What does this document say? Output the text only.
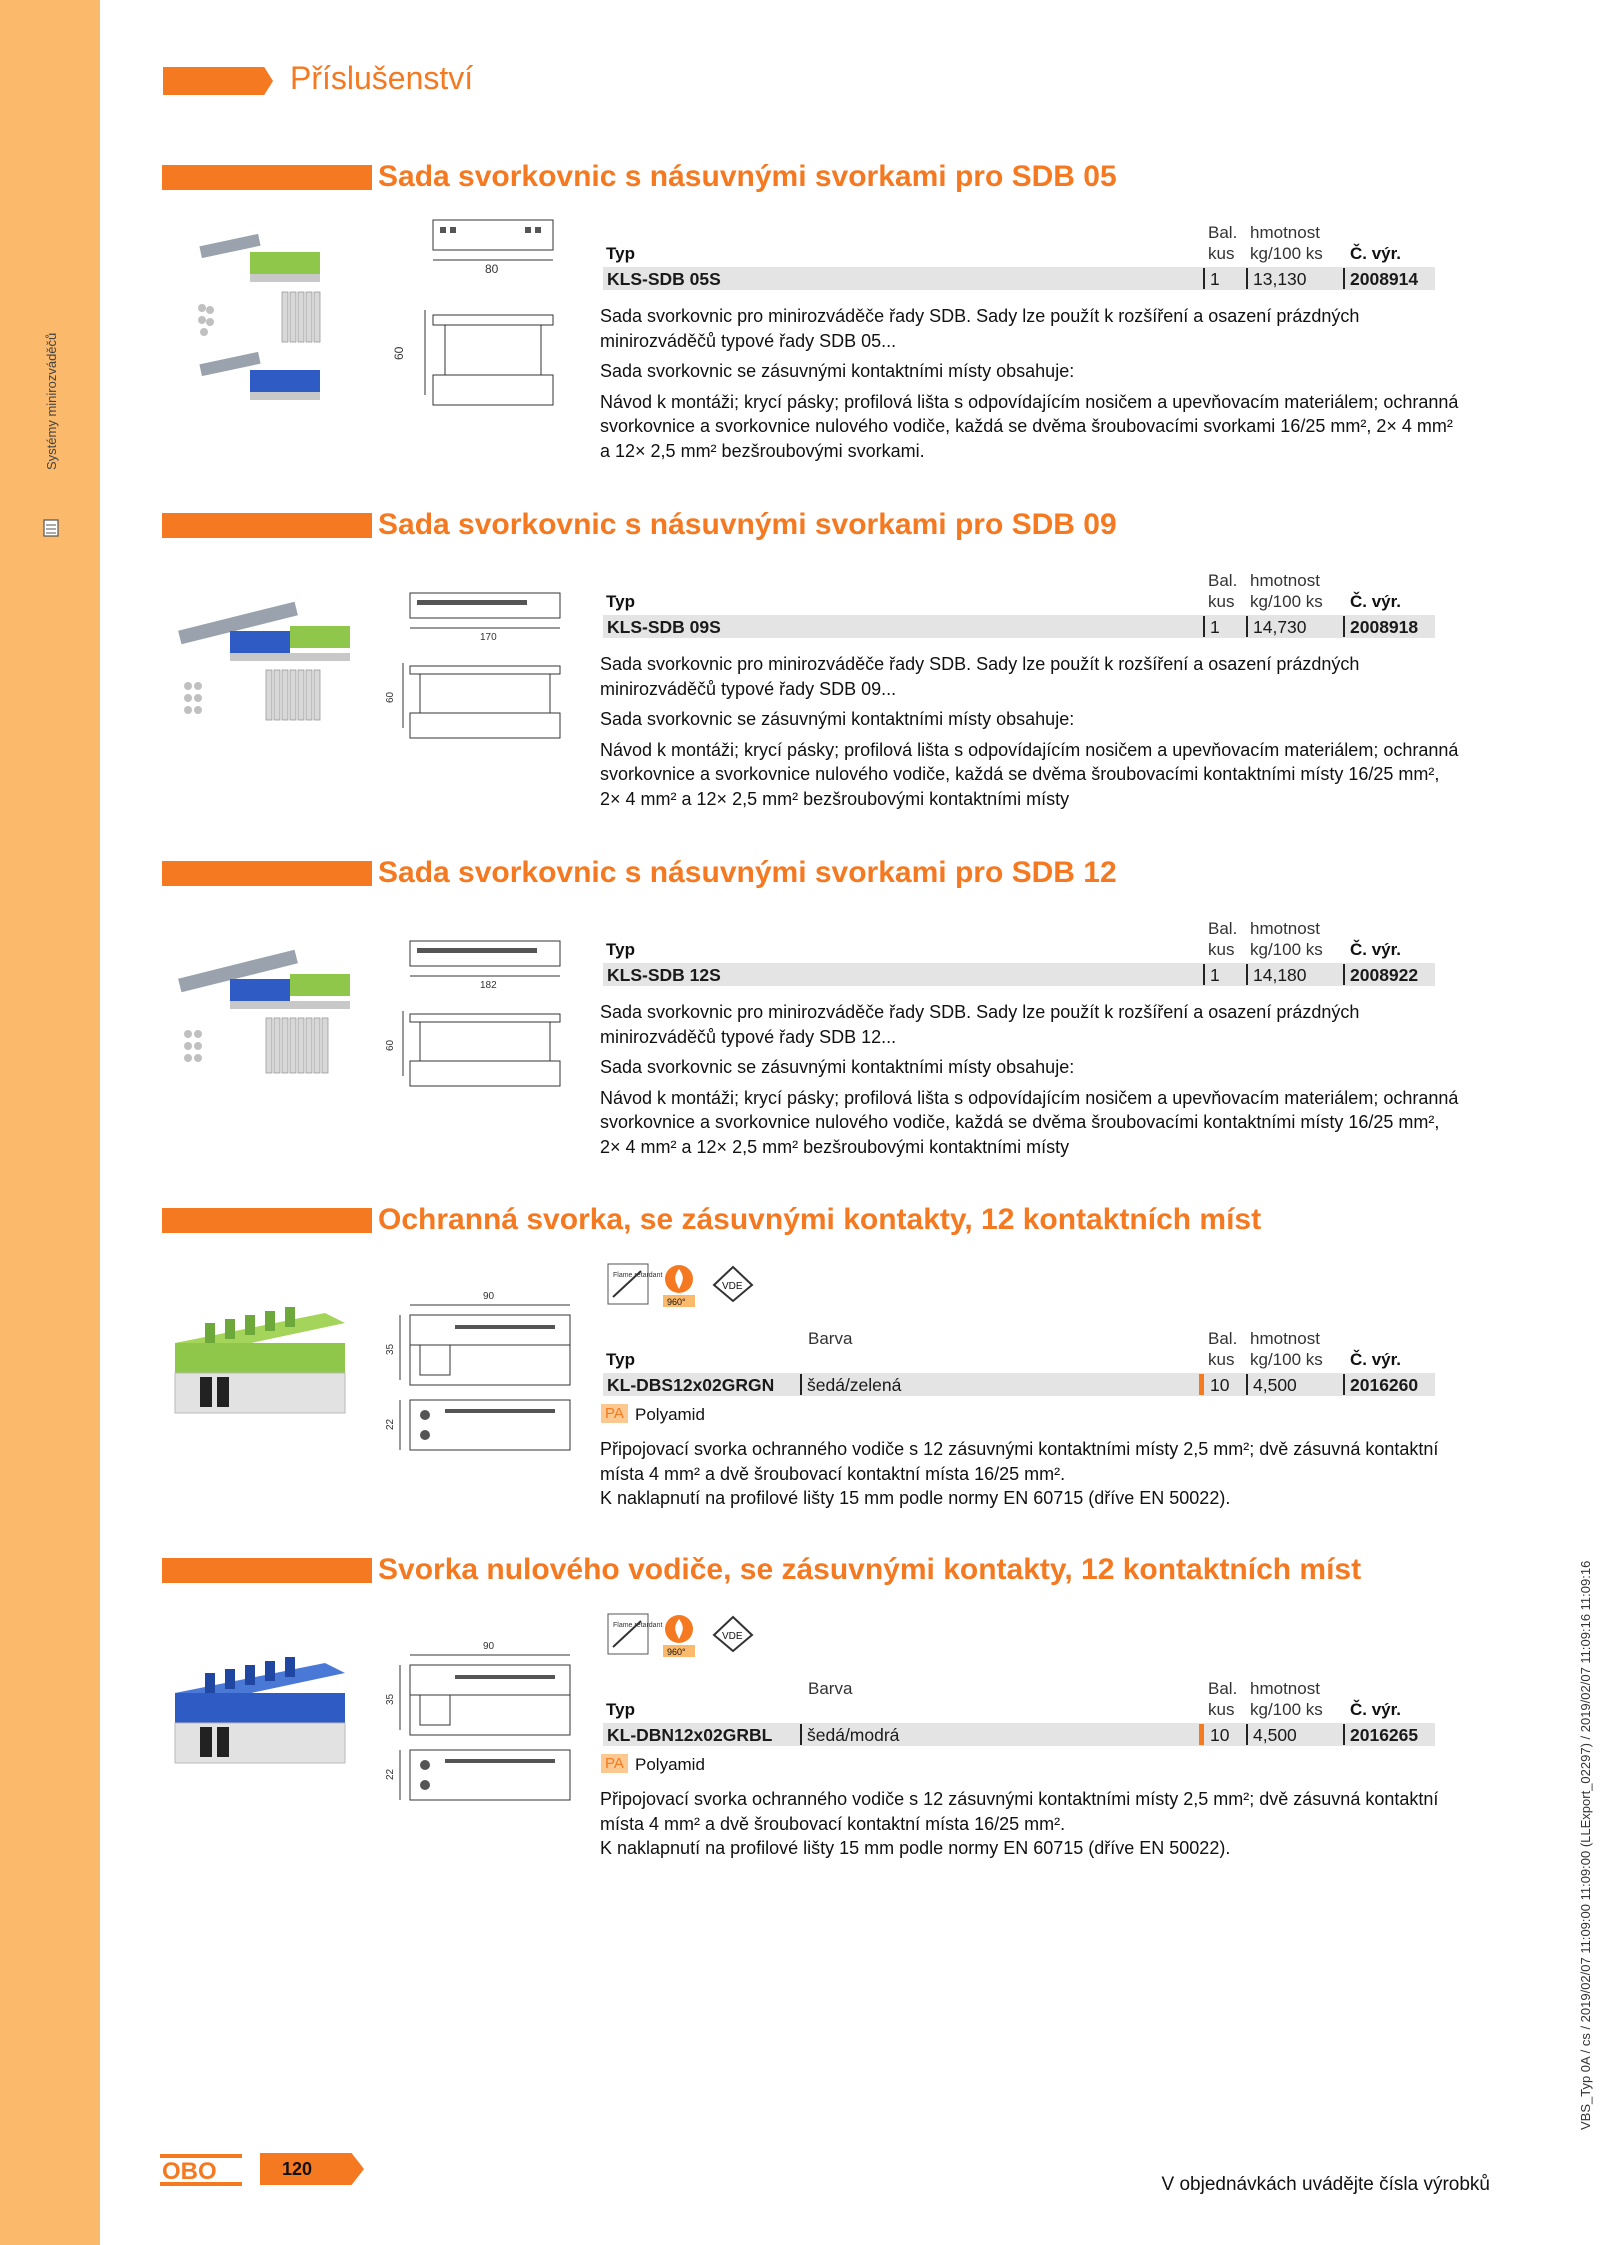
Systémy minirozváděčů
Příslušenství
Sada svorkovnic s násuvnými svorkami pro SDB 05
80
60
Bal. hmotnost
Typ	kus kg/100 ks Č. výr.
KLS-SDB 05S	1 13,130 2008914

Sada svorkovnic pro minirozváděče řady SDB. Sady lze použít k rozšíření a osazení prázdných minirozváděčů typové řady SDB 05...

Sada svorkovnic se zásuvnými kontaktními místy obsahuje:

Návod k montáži; krycí pásky; profilová lišta s odpovídajícím nosičem a upevňovacím materiálem; ochranná svorkovnice a svorkovnice nulového vodiče, každá se dvěma šroubovacími svorkami 16/25 mm², 2× 4 mm² a 12× 2,5 mm² bezšroubovými svorkami.

Sada svorkovnic s násuvnými svorkami pro SDB 09
170
60
Bal. hmotnost
Typ	kus kg/100 ks Č. výr.
KLS-SDB 09S	1 14,730 2008918

Sada svorkovnic pro minirozváděče řady SDB. Sady lze použít k rozšíření a osazení prázdných minirozváděčů typové řady SDB 09...

Sada svorkovnic se zásuvnými kontaktními místy obsahuje:

Návod k montáži; krycí pásky; profilová lišta s odpovídajícím nosičem a upevňovacím materiálem; ochranná svorkovnice a svorkovnice nulového vodiče, každá se dvěma šroubovacími kontaktními místy 16/25 mm², 2× 4 mm² a 12× 2,5 mm² bezšroubovými kontaktními místy

Sada svorkovnic s násuvnými svorkami pro SDB 12
182
60
Bal. hmotnost
Typ	kus kg/100 ks Č. výr.
KLS-SDB 12S	1 14,180 2008922

Sada svorkovnic pro minirozváděče řady SDB. Sady lze použít k rozšíření a osazení prázdných minirozváděčů typové řady SDB 12...

Sada svorkovnic se zásuvnými kontaktními místy obsahuje:

Návod k montáži; krycí pásky; profilová lišta s odpovídajícím nosičem a upevňovacím materiálem; ochranná svorkovnice a svorkovnice nulového vodiče, každá se dvěma šroubovacími kontaktními místy 16/25 mm², 2× 4 mm² a 12× 2,5 mm² bezšroubovými kontaktními místy

Ochranná svorka, se zásuvnými kontakty, 12 kontaktních míst
90
35
22
Flame retardant
960°
VDE
Barva	Bal. hmotnost
Typ	kus kg/100 ks Č. výr.
KL-DBS12x02GRGN šedá/zelená	10 4,500	2016260
PA Polyamid

Připojovací svorka ochranného vodiče s 12 zásuvnými kontaktními místy 2,5 mm²; dvě zásuvná kontaktní místa 4 mm² a dvě šroubovací kontaktní místa 16/25 mm².

K naklapnutí na profilové lišty 15 mm podle normy EN 60715 (dříve EN 50022).

Svorka nulového vodiče, se zásuvnými kontakty, 12 kontaktních míst
90
35
22
Flame retardant
960°
VDE
Barva	Bal. hmotnost
Typ	kus kg/100 ks Č. výr.
KL-DBN12x02GRBL šedá/modrá	10 4,500	2016265
PA Polyamid

Připojovací svorka ochranného vodiče s 12 zásuvnými kontaktními místy 2,5 mm²; dvě zásuvná kontaktní místa 4 mm² a dvě šroubovací kontaktní místa 16/25 mm².

K naklapnutí na profilové lišty 15 mm podle normy EN 60715 (dříve EN 50022).	VBS_Typ 0A / cs / 2019/02/07 11:09:00 11:09:00 (LLExport_02297) / 2019/02/07 11:09:16 11:09:16
OBO	120
V objednávkách uvádějte čísla výrobků
